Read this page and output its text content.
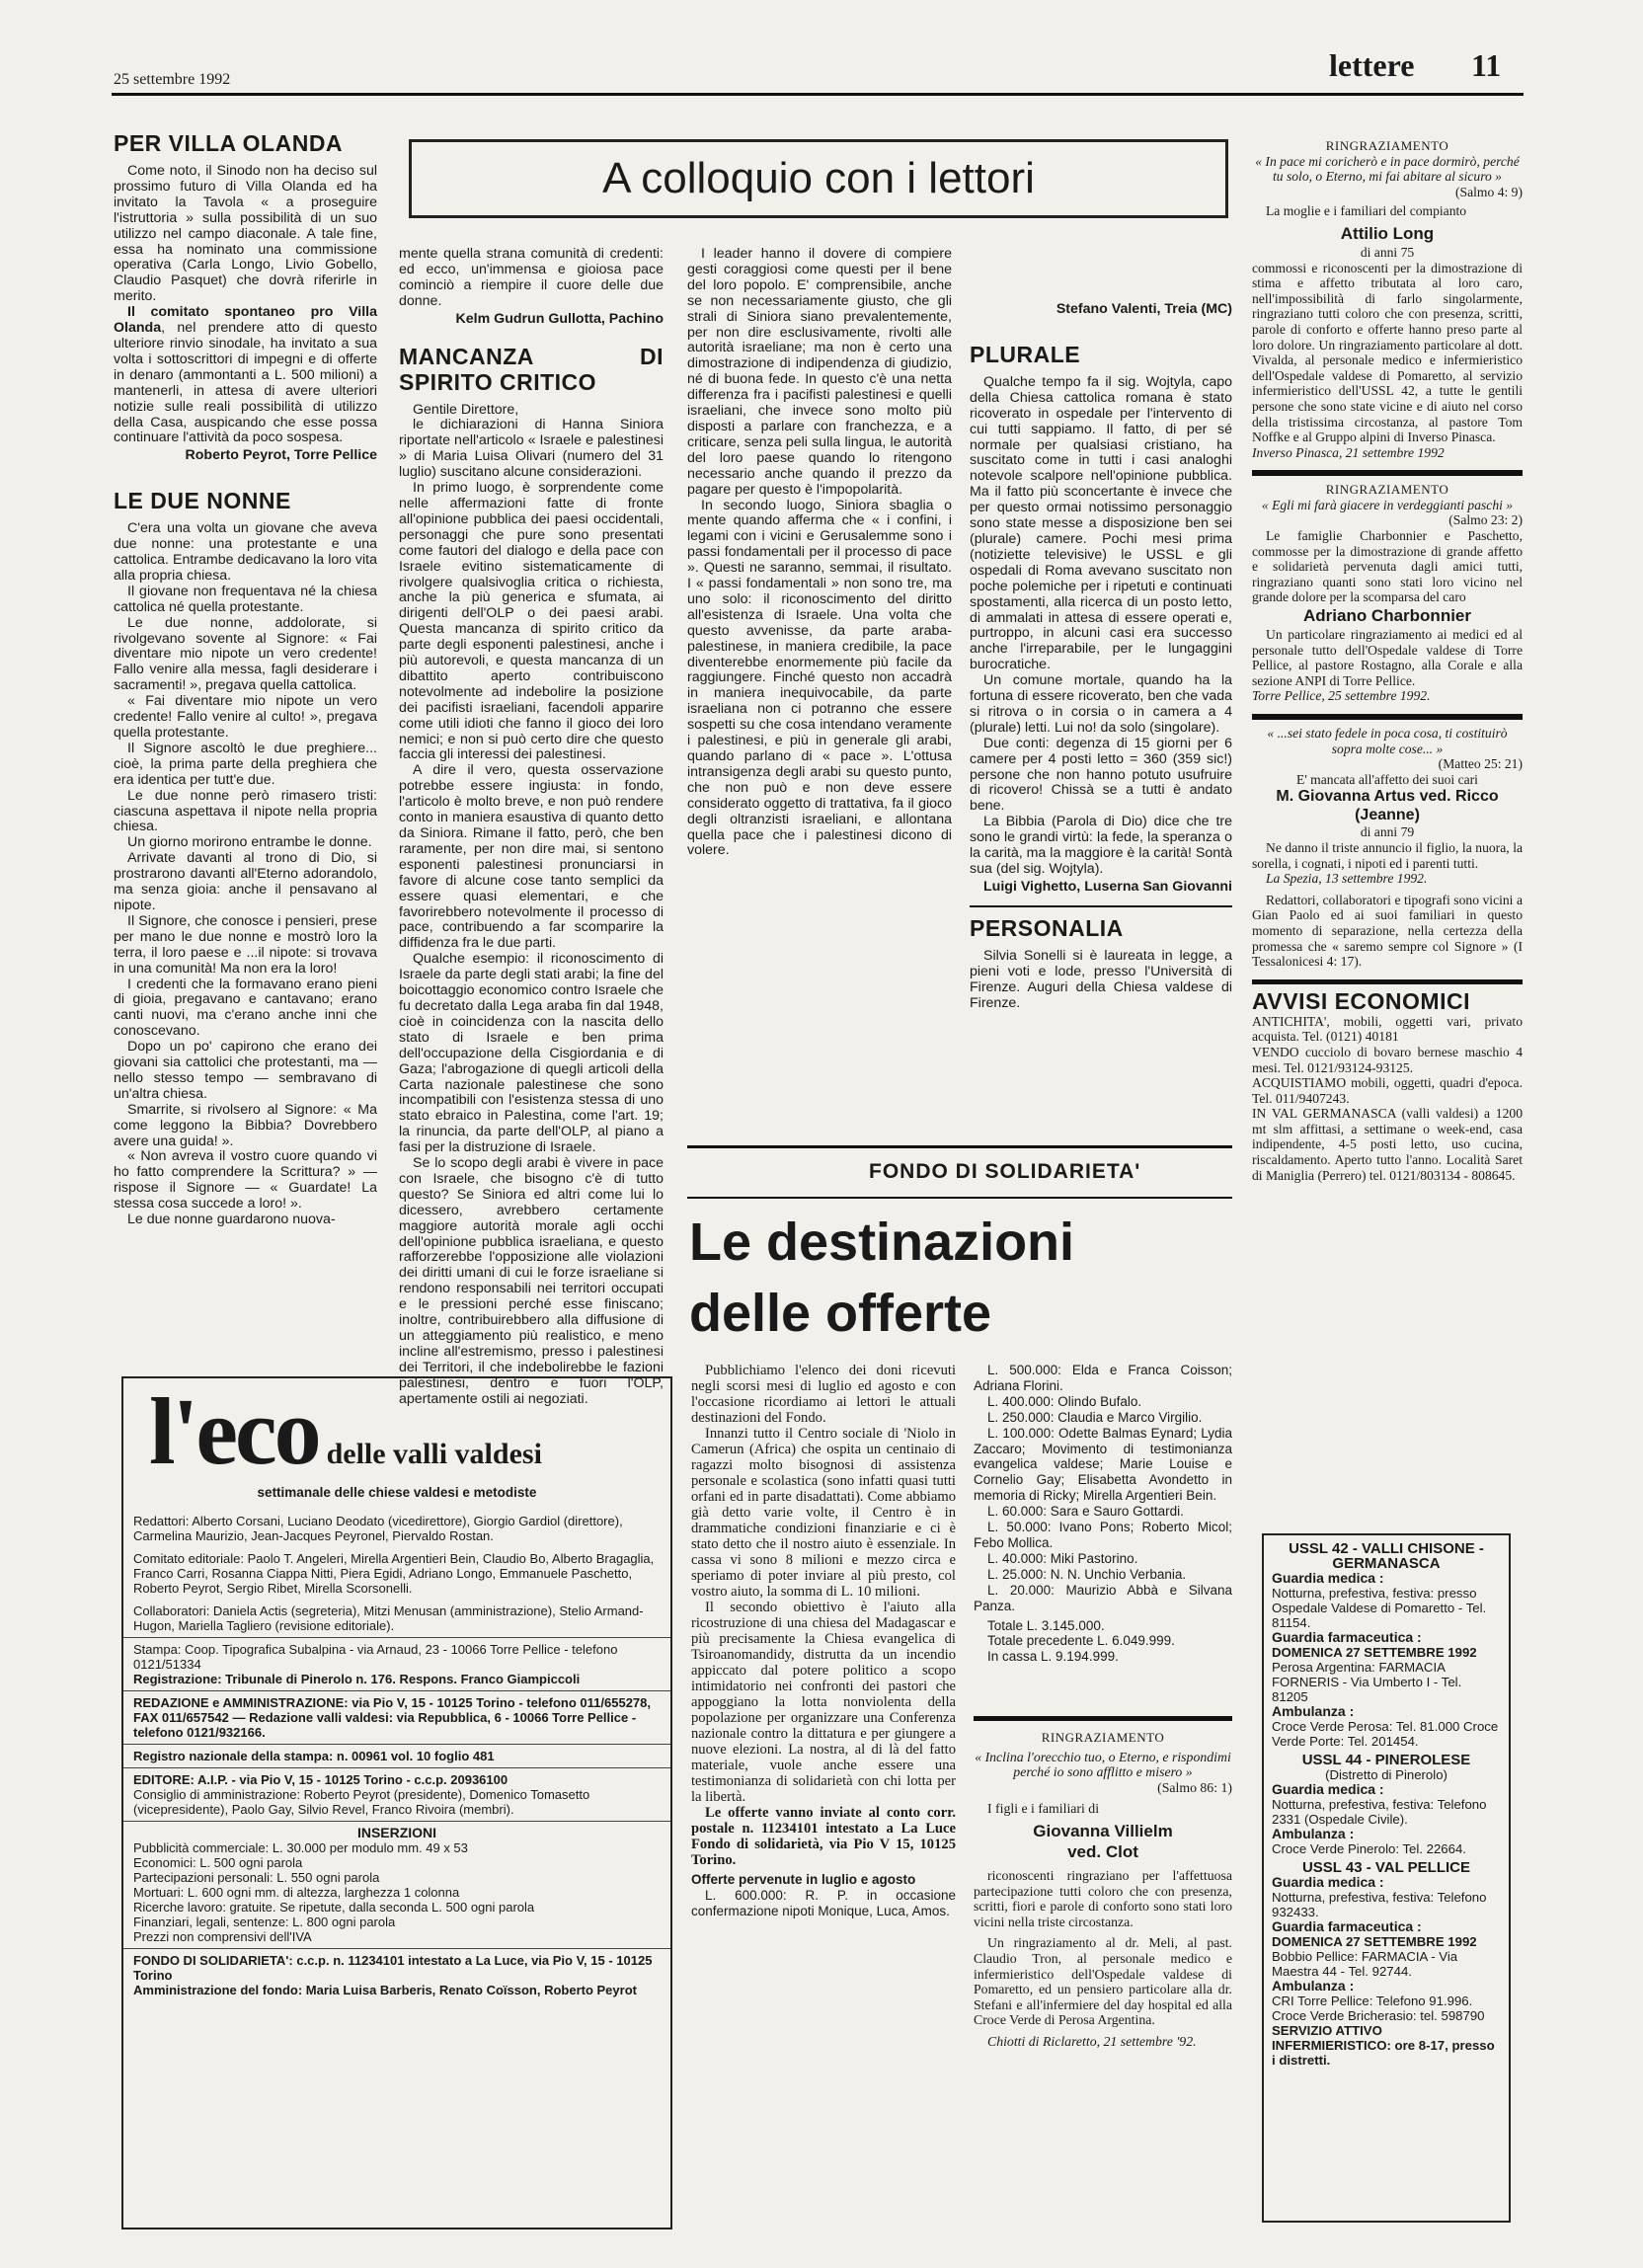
25 settembre 1992	lettere 11
A colloquio con i lettori
PER VILLA OLANDA

Come noto, il Sinodo non ha deciso sul prossimo futuro di Villa Olanda ed ha invitato la Tavola « a proseguire l'istruttoria » sulla possibilità di un suo utilizzo nel campo diaconale. A tale fine, essa ha nominato una commissione operativa (Carla Longo, Livio Gobello, Claudio Pasquet) che dovrà riferirle in merito.

Il comitato spontaneo pro Villa Olanda, nel prendere atto di questo ulteriore rinvio sinodale, ha invitato a sua volta i sottoscrittori di impegni e di offerte in denaro (ammontanti a L. 500 milioni) a mantenerli, in attesa di avere ulteriori notizie sulle reali possibilità di utilizzo della Casa, auspicando che esse possa continuare l'attività da poco sospesa.

Roberto Peyrot, Torre Pellice

LE DUE NONNE

C'era una volta un giovane che aveva due nonne: una protestante e una cattolica. Entrambe dedicavano la loro vita alla propria chiesa.

Il giovane non frequentava né la chiesa cattolica né quella protestante.

Le due nonne, addolorate, si rivolgevano sovente al Signore: « Fai diventare mio nipote un vero credente! Fallo venire alla messa, fagli desiderare i sacramenti! », pregava quella cattolica.

« Fai diventare mio nipote un vero credente! Fallo venire al culto! », pregava quella protestante.

Il Signore ascoltò le due preghiere... cioè, la prima parte della preghiera che era identica per tutt'e due.

Le due nonne però rimasero tristi: ciascuna aspettava il nipote nella propria chiesa.

Un giorno morirono entrambe le donne.

Arrivate davanti al trono di Dio, si prostrarono davanti all'Eterno adorandolo, ma senza gioia: anche il pensavano al nipote.

Il Signore, che conosce i pensieri, prese per mano le due nonne e mostrò loro la terra, il loro paese e ...il nipote: si trovava in una comunità! Ma non era la loro!

I credenti che la formavano erano pieni di gioia, pregavano e cantavano; erano canti nuovi, ma c'erano anche inni che conoscevano.

Dopo un po' capirono che erano dei giovani sia cattolici che protestanti, ma — nello stesso tempo — sembravano di un'altra chiesa.

Smarrite, si rivolsero al Signore: « Ma come leggono la Bibbia? Dovrebbero avere una guida! ».

« Non avreva il vostro cuore quando vi ho fatto comprendere la Scrittura? » — rispose il Signore — « Guardate! La stessa cosa succede a loro! ».

Le due nonne guardarono nuova-

mente quella strana comunità di credenti: ed ecco, un'immensa e gioiosa pace cominciò a riempire il cuore delle due donne.

Kelm Gudrun Gullotta, Pachino

MANCANZA DI SPIRITO CRITICO

Gentile Direttore,

le dichiarazioni di Hanna Siniora riportate nell'articolo « Israele e palestinesi » di Maria Luisa Olivari (numero del 31 luglio) suscitano alcune considerazioni.

In primo luogo, è sorprendente come nelle affermazioni fatte di fronte all'opinione pubblica dei paesi occidentali, personaggi che pure sono presentati come fautori del dialogo e della pace con Israele evitino sistematicamente di rivolgere qualsivoglia critica o richiesta, anche la più generica e sfumata, ai dirigenti dell'OLP o dei paesi arabi. Questa mancanza di spirito critico da parte degli esponenti palestinesi, anche i più autorevoli, e questa mancanza di un dibattito aperto contribuiscono notevolmente ad indebolire la posizione dei pacifisti israeliani, facendoli apparire come utili idioti che fanno il gioco dei loro nemici; e non si può certo dire che questo faccia gli interessi dei palestinesi.

A dire il vero, questa osservazione potrebbe essere ingiusta: in fondo, l'articolo è molto breve, e non può rendere conto in maniera esaustiva di quanto detto da Siniora. Rimane il fatto, però, che ben raramente, per non dire mai, si sentono esponenti palestinesi pronunciarsi in favore di alcune cose tanto semplici da essere quasi elementari, e che favorirebbero notevolmente il processo di pace, contribuendo a far scomparire la diffidenza fra le due parti.

Qualche esempio: il riconoscimento di Israele da parte degli stati arabi; la fine del boicottaggio economico contro Israele che fu decretato dalla Lega araba fin dal 1948, cioè in coincidenza con la nascita dello stato di Israele e ben prima dell'occupazione della Cisgiordania e di Gaza; l'abrogazione di quegli articoli della Carta nazionale palestinese che sono incompatibili con l'esistenza stessa di uno stato ebraico in Palestina, come l'art. 19; la rinuncia, da parte dell'OLP, al piano a fasi per la distruzione di Israele.

Se lo scopo degli arabi è vivere in pace con Israele, che bisogno c'è di tutto questo? Se Siniora ed altri come lui lo dicessero, avrebbero certamente maggiore autorità morale agli occhi dell'opinione pubblica israeliana, e questo rafforzerebbe l'opposizione alle violazioni dei diritti umani di cui le forze israeliane si rendono responsabili nei territori occupati e le pressioni perché esse finiscano; inoltre, contribuirebbero alla diffusione di un atteggiamento più realistico, e meno incline all'estremismo, presso i palestinesi dei Territori, il che indebolirebbe le fazioni palestinesi, dentro e fuori l'OLP, apertamente ostili ai negoziati.

I leader hanno il dovere di compiere gesti coraggiosi come questi per il bene del loro popolo. E' comprensibile, anche se non necessariamente giusto, che gli strali di Siniora siano prevalentemente, per non dire esclusivamente, rivolti alle autorità israeliane; ma non è certo una dimostrazione di indipendenza di giudizio, né di buona fede. In questo c'è una netta differenza fra i pacifisti palestinesi e quelli israeliani, che invece sono molto più disposti a parlare con franchezza, e a criticare, senza peli sulla lingua, le autorità del loro paese quando lo ritengono necessario anche quando il prezzo da pagare per questo è l'impopolarità.

In secondo luogo, Siniora sbaglia o mente quando afferma che « i confini, i legami con i vicini e Gerusalemme sono i passi fondamentali per il processo di pace ». Questi ne saranno, semmai, il risultato. I « passi fondamentali » non sono tre, ma uno solo: il riconoscimento del diritto all'esistenza di Israele. Una volta che questo avvenisse, da parte araba-palestinese, in maniera credibile, la pace diventerebbe enormemente più facile da raggiungere. Finché questo non accadrà in maniera inequivocabile, da parte israeliana non ci potranno che essere sospetti su che cosa intendano veramente i palestinesi, e più in generale gli arabi, quando parlano di « pace ». L'ottusa intransigenza degli arabi su questo punto, che non può e non deve essere considerato oggetto di trattativa, fa il gioco degli oltranzisti israeliani, e allontana quella pace che i palestinesi dicono di volere.

Stefano Valenti, Treia (MC)

PLURALE

Qualche tempo fa il sig. Wojtyla, capo della Chiesa cattolica romana è stato ricoverato in ospedale per l'intervento di cui tutti sappiamo. Il fatto, di per sé normale per qualsiasi cristiano, ha suscitato come in tutti i casi analoghi notevole scalpore nell'opinione pubblica. Ma il fatto più sconcertante è invece che per questo ormai notissimo personaggio sono state messe a disposizione ben sei (plurale) camere. Pochi mesi prima (notiziette televisive) le USSL e gli ospedali di Roma avevano suscitato non poche polemiche per i ripetuti e continuati spostamenti, alla ricerca di un posto letto, di ammalati in attesa di essere operati e, purtroppo, in alcuni casi era successo anche l'irreparabile, per le lungaggini burocratiche.

Un comune mortale, quando ha la fortuna di essere ricoverato, ben che vada si ritrova o in corsia o in camera a 4 (plurale) letti. Lui no! da solo (singolare).

Due conti: degenza di 15 giorni per 6 camere per 4 posti letto = 360 (359 sic!) persone che non hanno potuto usufruire di ricovero! Chissà se a tutti è andato bene.

La Bibbia (Parola di Dio) dice che tre sono le grandi virtù: la fede, la speranza o la carità, ma la maggiore è la carità! Sontà sua (del sig. Wojtyla).

Luigi Vighetto, Luserna San Giovanni

PERSONALIA

Silvia Sonelli si è laureata in legge, a pieni voti e lode, presso l'Università di Firenze. Auguri della Chiesa valdese di Firenze.

FONDO DI SOLIDARIETA'
Le destinazioni
delle offerte

Pubblichiamo l'elenco dei doni ricevuti negli scorsi mesi di luglio ed agosto e con l'occasione ricordiamo ai lettori le attuali destinazioni del Fondo.

Innanzi tutto il Centro sociale di 'Niolo in Camerun (Africa) che ospita un centinaio di ragazzi molto bisognosi di assistenza personale e scolastica (sono infatti quasi tutti orfani ed in parte disadattati). Come abbiamo già detto varie volte, il Centro è in drammatiche condizioni finanziarie e ci è stato detto che il nostro aiuto è essenziale. In cassa vi sono 8 milioni e mezzo circa e speriamo di poter inviare al più presto, col vostro aiuto, la somma di L. 10 milioni.

Il secondo obiettivo è l'aiuto alla ricostruzione di una chiesa del Madagascar e più precisamente la Chiesa evangelica di Tsiroanomandidy, distrutta da un incendio appiccato dal potere politico a scopo intimidatorio nei confronti dei pastori che appoggiano la lotta nonviolenta della popolazione per organizzare una Conferenza nazionale contro la dittatura e per giungere a nuove elezioni. La nostra, al di là del fatto materiale, vuole anche essere una testimonianza di solidarietà con chi lotta per la libertà.

Le offerte vanno inviate al conto corr. postale n. 11234101 intestato a La Luce Fondo di solidarietà, via Pio V 15, 10125 Torino.

Offerte pervenute in luglio e agosto

L. 600.000: R. P. in occasione confermazione nipoti Monique, Luca, Amos.

L. 500.000: Elda e Franca Coisson; Adriana Florini.

L. 400.000: Olindo Bufalo.

L. 250.000: Claudia e Marco Virgilio.

L. 100.000: Odette Balmas Eynard; Lydia Zaccaro; Movimento di testimonianza evangelica valdese; Marie Louise e Cornelio Gay; Elisabetta Avondetto in memoria di Ricky; Mirella Argentieri Bein.

L. 60.000: Sara e Sauro Gottardi.

L. 50.000: Ivano Pons; Roberto Micol; Febo Mollica.

L. 40.000: Miki Pastorino.

L. 25.000: N. N. Unchio Verbania.

L. 20.000: Maurizio Abbà e Silvana Panza.

Totale L. 3.145.000.

Totale precedente L. 6.049.999.

In cassa L. 9.194.999.

RINGRAZIAMENTO
« Inclina l'orecchio tuo, o Eterno, e rispondimi perché io sono afflitto e misero »
(Salmo 86: 1)
I figli e i familiari di
Giovanna Villielm
ved. Clot

riconoscenti ringraziano per l'affettuosa partecipazione tutti coloro che con presenza, scritti, fiori e parole di conforto sono stati loro vicini nella triste circostanza.

Un ringraziamento al dr. Meli, al past. Claudio Tron, al personale medico e infermieristico dell'Ospedale valdese di Pomaretto, ed un pensiero particolare alla dr. Stefani e all'infermiere del day hospital ed alla Croce Verde di Perosa Argentina.

Chiotti di Riclaretto, 21 settembre '92.

RINGRAZIAMENTO
« In pace mi coricherò e in pace dormirò, perché tu solo, o Eterno, mi fai abitare al sicuro »
(Salmo 4: 9)
La moglie e i familiari del compianto
Attilio Long
di anni 75

commossi e riconoscenti per la dimostrazione di stima e affetto tributata al loro caro, nell'impossibilità di farlo singolarmente, ringraziano tutti coloro che con presenza, scritti, parole di conforto e offerte hanno preso parte al loro dolore. Un ringraziamento particolare al dott. Vivalda, al personale medico e infermieristico dell'Ospedale valdese di Pomaretto, al servizio infermieristico dell'USSL 42, a tutte le gentili persone che sono state vicine e di aiuto nel corso della tristissima circostanza, al pastore Tom Noffke e al Gruppo alpini di Inverso Pinasca.

Inverso Pinasca, 21 settembre 1992
RINGRAZIAMENTO
« Egli mi farà giacere in verdeggianti paschi »
(Salmo 23: 2)

Le famiglie Charbonnier e Paschetto, commosse per la dimostrazione di grande affetto e solidarietà pervenuta dagli amici tutti, ringraziano quanti sono stati loro vicino nel grande dolore per la scomparsa del caro

Adriano Charbonnier

Un particolare ringraziamento ai medici ed al personale tutto dell'Ospedale valdese di Torre Pellice, al pastore Rostagno, alla Corale e alla sezione ANPI di Torre Pellice.

Torre Pellice, 25 settembre 1992.
« ...sei stato fedele in poca cosa, ti costituirò sopra molte cose... »
(Matteo 25: 21)
E' mancata all'affetto dei suoi cari
M. Giovanna Artus ved. Ricco (Jeanne)
di anni 79

Ne danno il triste annuncio il figlio, la nuora, la sorella, i cognati, i nipoti ed i parenti tutti.

La Spezia, 13 settembre 1992.

Redattori, collaboratori e tipografi sono vicini a Gian Paolo ed ai suoi familiari in questo momento di separazione, nella certezza della promessa che « saremo sempre col Signore » (I Tessalonicesi 4: 17).

AVVISI ECONOMICI

ANTICHITA', mobili, oggetti vari, privato acquista. Tel. (0121) 40181

VENDO cucciolo di bovaro bernese maschio 4 mesi. Tel. 0121/93124-93125.

ACQUISTIAMO mobili, oggetti, quadri d'epoca. Tel. 011/9407243.

IN VAL GERMANASCA (valli valdesi) a 1200 mt slm affittasi, a settimane o week-end, casa indipendente, 4-5 posti letto, uso cucina, riscaldamento. Aperto tutto l'anno. Località Saret di Maniglia (Perrero) tel. 0121/803134 - 808645.

USSL 42 - VALLI CHISONE - GERMANASCA
Guardia medica :
Notturna, prefestiva, festiva: presso Ospedale Valdese di Pomaretto - Tel. 81154.
Guardia farmaceutica :
DOMENICA 27 SETTEMBRE 1992
Perosa Argentina: FARMACIA FORNERIS - Via Umberto I - Tel. 81205
Ambulanza :
Croce Verde Perosa: Tel. 81.000 Croce Verde Porte: Tel. 201454.
USSL 44 - PINEROLESE
(Distretto di Pinerolo)
Guardia medica :
Notturna, prefestiva, festiva: Telefono 2331 (Ospedale Civile).
Ambulanza :
Croce Verde Pinerolo: Tel. 22664.
USSL 43 - VAL PELLICE
Guardia medica :
Notturna, prefestiva, festiva: Telefono 932433.
Guardia farmaceutica :
DOMENICA 27 SETTEMBRE 1992
Bobbio Pellice: FARMACIA - Via Maestra 44 - Tel. 92744.
Ambulanza :
CRI Torre Pellice: Telefono 91.996. Croce Verde Bricherasio: tel. 598790
SERVIZIO ATTIVO INFERMIERISTICO: ore 8-17, presso i distretti.
l'eco delle valli valdesi
settimanale delle chiese valdesi e metodiste
Redattori: Alberto Corsani, Luciano Deodato (vicedirettore), Giorgio Gardiol (direttore), Carmelina Maurizio, Jean-Jacques Peyronel, Piervaldo Rostan.
Comitato editoriale: Paolo T. Angeleri, Mirella Argentieri Bein, Claudio Bo, Alberto Bragaglia, Franco Carri, Rosanna Ciappa Nitti, Piera Egidi, Adriano Longo, Emmanuele Paschetto, Roberto Peyrot, Sergio Ribet, Mirella Scorsonelli.
Collaboratori: Daniela Actis (segreteria), Mitzi Menusan (amministrazione), Stelio Armand-Hugon, Mariella Tagliero (revisione editoriale).
Stampa: Coop. Tipografica Subalpina - via Arnaud, 23 - 10066 Torre Pellice - telefono 0121/51334
Registrazione: Tribunale di Pinerolo n. 176. Respons. Franco Giampiccoli
REDAZIONE e AMMINISTRAZIONE: via Pio V, 15 - 10125 Torino - telefono 011/655278, FAX 011/657542 — Redazione valli valdesi: via Repubblica, 6 - 10066 Torre Pellice - telefono 0121/932166.
Registro nazionale della stampa: n. 00961 vol. 10 foglio 481
EDITORE: A.I.P. - via Pio V, 15 - 10125 Torino - c.c.p. 20936100
Consiglio di amministrazione: Roberto Peyrot (presidente), Domenico Tomasetto (vicepresidente), Paolo Gay, Silvio Revel, Franco Rivoira (membri).
INSERZIONI
Pubblicità commerciale: L. 30.000 per modulo mm. 49 x 53
Economici: L. 500 ogni parola
Partecipazioni personali: L. 550 ogni parola
Mortuari: L. 600 ogni mm. di altezza, larghezza 1 colonna
Ricerche lavoro: gratuite. Se ripetute, dalla seconda L. 500 ogni parola
Finanziari, legali, sentenze: L. 800 ogni parola
Prezzi non comprensivi dell'IVA
FONDO DI SOLIDARIETA': c.c.p. n. 11234101 intestato a La Luce, via Pio V, 15 - 10125 Torino
Amministrazione del fondo: Maria Luisa Barberis, Renato Coïsson, Roberto Peyrot
